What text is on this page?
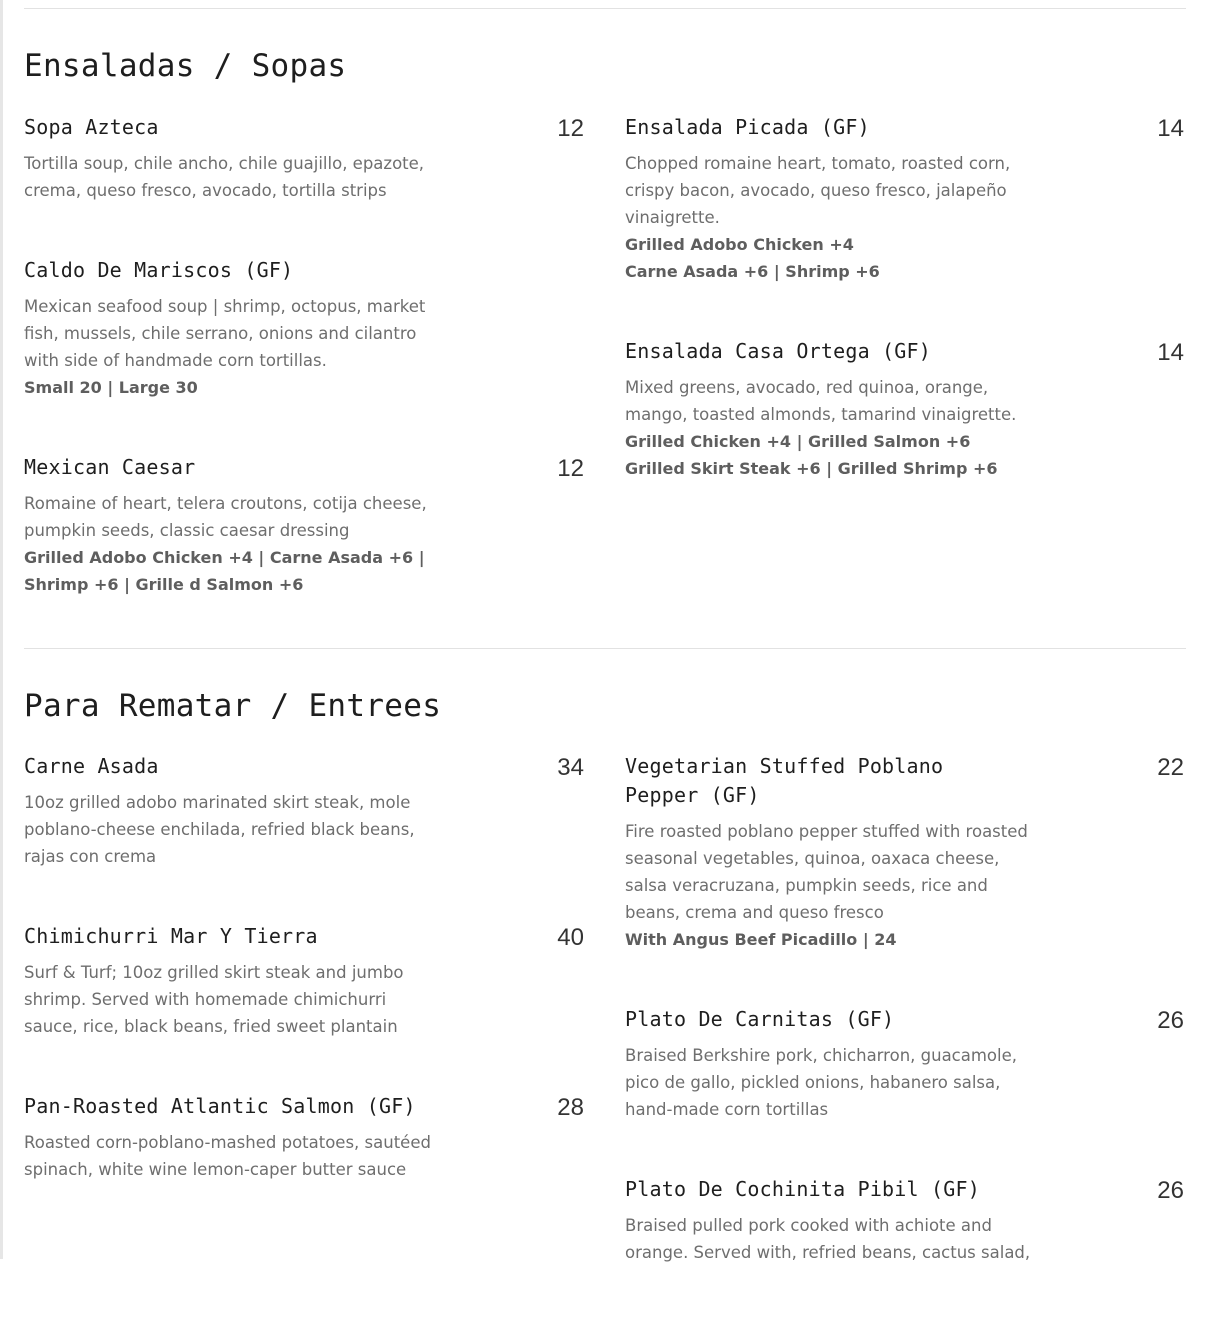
Ensaladas / Sopas
Sopa Azteca	12
Tortilla soup, chile ancho, chile guajillo, epazote, crema, queso fresco, avocado, tortilla strips
Caldo De Mariscos (GF)
Mexican seafood soup | shrimp, octopus, market fish, mussels, chile serrano, onions and cilantro with side of handmade corn tortillas.
Small 20 | Large 30
Mexican Caesar	12
Romaine of heart, telera croutons, cotija cheese, pumpkin seeds, classic caesar dressing
Grilled Adobo Chicken +4 | Carne Asada +6 | Shrimp +6 | Grille d Salmon +6
Ensalada Picada (GF)	14
Chopped romaine heart, tomato, roasted corn, crispy bacon, avocado, queso fresco, jalapeño vinaigrette.
Grilled Adobo Chicken +4
Carne Asada +6 | Shrimp +6
Ensalada Casa Ortega (GF)	14
Mixed greens, avocado, red quinoa, orange, mango, toasted almonds, tamarind vinaigrette.
Grilled Chicken +4 | Grilled Salmon +6
Grilled Skirt Steak +6 | Grilled Shrimp +6
Para Rematar / Entrees
Carne Asada	34
10oz grilled adobo marinated skirt steak, mole poblano-cheese enchilada, refried black beans, rajas con crema
Chimichurri Mar Y Tierra	40
Surf & Turf; 10oz grilled skirt steak and jumbo shrimp. Served with homemade chimichurri sauce, rice, black beans, fried sweet plantain
Pan-Roasted Atlantic Salmon (GF)	28
Roasted corn-poblano-mashed potatoes, sautéed spinach, white wine lemon-caper butter sauce
Vegetarian Stuffed Poblano Pepper (GF)
22
Fire roasted poblano pepper stuffed with roasted seasonal vegetables, quinoa, oaxaca cheese, salsa veracruzana, pumpkin seeds, rice and beans, crema and queso fresco
With Angus Beef Picadillo | 24
Plato De Carnitas (GF)	26
Braised Berkshire pork, chicharron, guacamole, pico de gallo, pickled onions, habanero salsa, hand-made corn tortillas
Plato De Cochinita Pibil (GF)	26
Braised pulled pork cooked with achiote and orange. Served with, refried beans, cactus salad,
